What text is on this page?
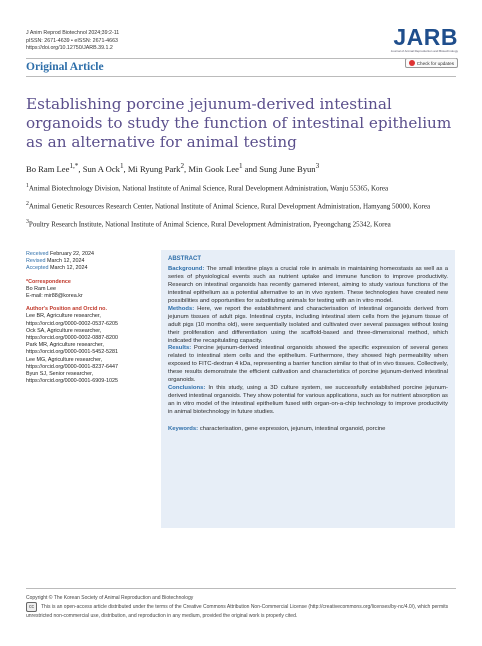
J Anim Reprod Biotechnol 2024;39:2-11
pISSN: 2671-4639 • eISSN: 2671-4663
https://doi.org/10.12750/JARB.39.1.2	JARB
Journal of Animal Reproduction and Biotechnology
Check for updates
Original Article
Establishing porcine jejunum-derived intestinal organoids to study the function of intestinal epithelium as an alternative for animal testing
Bo Ram Lee$^{1,*}$, Sun A Ock$^1$, Mi Ryung Park$^2$, Min Gook Lee$^1$ and Sung June Byun$^3$
$^1$Animal Biotechnology Division, National Institute of Animal Science, Rural Development Administration, Wanju 55365, Korea
$^2$Animal Genetic Resources Research Center, National Institute of Animal Science, Rural Development Administration, Hamyang 50000, Korea
$^3$Poultry Research Institute, National Institute of Animal Science, Rural Development Administration, Pyeongchang 25342, Korea
Received February 22, 2024
Revised March 12, 2024
Accepted March 12, 2024
*Correspondence
Bo Ram Lee
E-mail: mir88@korea.kr
Author's Position and Orcid no.
Lee BR, Agriculture researcher,
https://orcid.org/0000-0002-0537-6205
Ock SA, Agriculture researcher,
https://orcid.org/0000-0002-0887-8200
Park MR, Agriculture researcher,
https://orcid.org/0000-0001-5452-5281
Lee MG, Agriculture researcher,
https://orcid.org/0000-0001-8237-6447
Byun SJ, Senior researcher,
https://orcid.org/0000-0001-6909-1025
ABSTRACT

Background: The small intestine plays a crucial role in animals in maintaining homeostasis as well as a series of physiological events such as nutrient uptake and immune function to improve productivity. Research on intestinal organoids has recently garnered interest, aiming to study various functions of the intestinal epithelium as a potential alternative to an in vivo system. These technologies have created new possibilities and opportunities for substituting animals for testing with an in vitro model.

Methods: Here, we report the establishment and characterisation of intestinal organoids derived from jejunum tissues of adult pigs. Intestinal crypts, including intestinal stem cells from the jejunum tissue of adult pigs (10 months old), were sequentially isolated and cultivated over several passages without losing their proliferation and differentiation using the scaffold-based and three-dimensional method, which indicated the recapitulating capacity.

Results: Porcine jejunum-derived intestinal organoids showed the specific expression of several genes related to intestinal stem cells and the epithelium. Furthermore, they showed high permeability when exposed to FITC-dextran 4 kDa, representing a barrier function similar to that of in vivo tissues. Collectively, these results demonstrate the efficient cultivation and characteristics of porcine jejunum-derived intestinal organoids.

Conclusions: In this study, using a 3D culture system, we successfully established porcine jejunum-derived intestinal organoids. They show potential for various applications, such as for nutrient absorption as an in vitro model of the intestinal epithelium fused with organ-on-a-chip technology to improve productivity in animal biotechnology in future studies.

Keywords: characterisation, gene expression, jejunum, intestinal organoid, porcine

Copyright © The Korean Society of Animal Reproduction and Biotechnology
cc This is an open-access article distributed under the terms of the Creative Commons Attribution Non-Commercial License (http://creativecommons.org/licenses/by-nc/4.0/), which permits unrestricted non-commercial use, distribution, and reproduction in any medium, provided the original work is properly cited.
